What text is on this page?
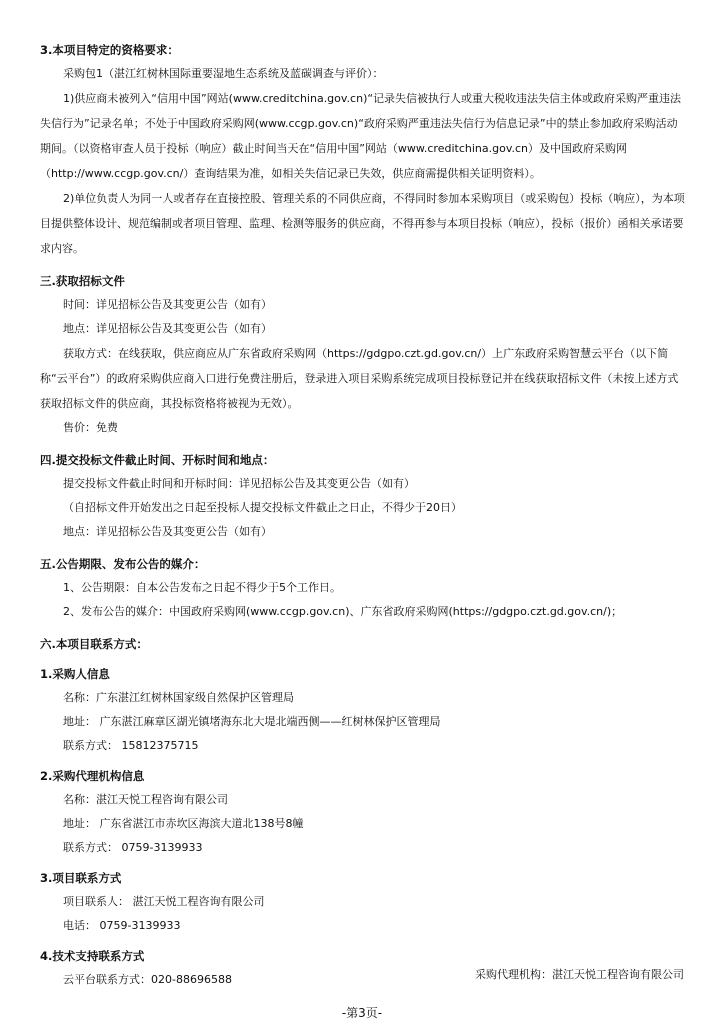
3.本项目特定的资格要求：
采购包1（湛江红树林国际重要湿地生态系统及蓝碳调查与评价）：
1)供应商未被列入“信用中国”网站(www.creditchina.gov.cn)“记录失信被执行人或重大税收违法失信主体或政府采购严重违法失信行为”记录名单；不处于中国政府采购网(www.ccgp.gov.cn)“政府采购严重违法失信行为信息记录”中的禁止参加政府采购活动期间。（以资格审查人员于投标（响应）截止时间当天在“信用中国”网站（www.creditchina.gov.cn）及中国政府采购网（http://www.ccgp.gov.cn/）查询结果为准，如相关失信记录已失效，供应商需提供相关证明资料）。
2)单位负责人为同一人或者存在直接控股、管理关系的不同供应商，不得同时参加本采购项目（或采购包）投标（响应），为本项目提供整体设计、规范编制或者项目管理、监理、检测等服务的供应商，不得再参与本项目投标（响应），投标（报价）函相关承诺要求内容。
三.获取招标文件
时间：详见招标公告及其变更公告（如有）
地点：详见招标公告及其变更公告（如有）
获取方式：在线获取，供应商应从广东省政府采购网（https://gdgpo.czt.gd.gov.cn/）上广东政府采购智慧云平台（以下简称“云平台”）的政府采购供应商入口进行免费注册后，登录进入项目采购系统完成项目投标登记并在线获取招标文件（未按上述方式获取招标文件的供应商，其投标资格将被视为无效）。
售价：免费
四.提交投标文件截止时间、开标时间和地点：
提交投标文件截止时间和开标时间：详见招标公告及其变更公告（如有）
（自招标文件开始发出之日起至投标人提交投标文件截止之日止，不得少于20日）
地点：详见招标公告及其变更公告（如有）
五.公告期限、发布公告的媒介：
1、公告期限：自本公告发布之日起不得少于5个工作日。
2、发布公告的媒介：中国政府采购网(www.ccgp.gov.cn)、广东省政府采购网(https://gdgpo.czt.gd.gov.cn/)；
六.本项目联系方式：
1.采购人信息
名称：广东湛江红树林国家级自然保护区管理局
地址： 广东湛江麻章区湖光镇堵海东北大堤北端西侧——红树林保护区管理局
联系方式： 15812375715
2.采购代理机构信息
名称：湛江天悦工程咨询有限公司
地址： 广东省湛江市赤坎区海滨大道北138号8幢
联系方式： 0759-3139933
3.项目联系方式
项目联系人： 湛江天悦工程咨询有限公司
电话： 0759-3139933
4.技术支持联系方式
云平台联系方式：020-88696588	采购代理机构：湛江天悦工程咨询有限公司
-第3页-
